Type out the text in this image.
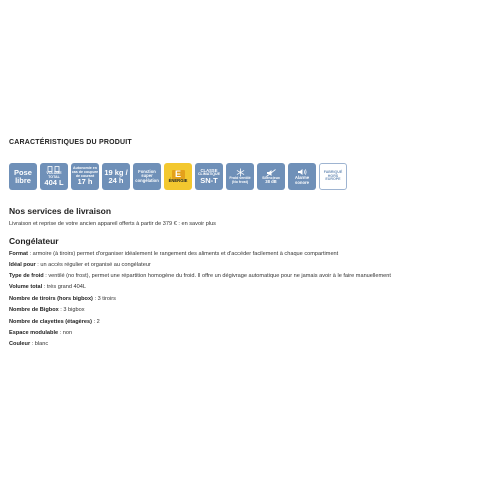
CARACTÉRISTIQUES DU PRODUIT
Pose
libre
VOLUME TOTAL
404 L
Autonomie en
cas de coupure
de courant
17 h
19 kg /
24 h
Fonction
super
congélation
E
ÉNERGIE
CLASSE
CLIMATIQUE
SN-T	Froid ventilé
(No frost)
Silencieux
38 dB
Alarme
sonore
FABRIQUÉ
HORS
EUROPE
Nos services de livraison
Livraison et reprise de votre ancien appareil offerts à partir de 379 € : en savoir plus
Congélateur
Format : armoire (à tiroirs) permet d'organiser idéalement le rangement des aliments et d'accéder facilement à chaque compartiment
Idéal pour : un accès régulier et organisé au congélateur
Type de froid : ventilé (no frost), permet une répartition homogène du froid. Il offre un dégivrage automatique pour ne jamais avoir à le faire manuellement
Volume total : très grand 404L
Nombre de tiroirs (hors bigbox) : 3 tiroirs
Nombre de Bigbox : 3 bigbox
Nombre de clayettes (étagères) : 2
Espace modulable : non
Couleur : blanc
